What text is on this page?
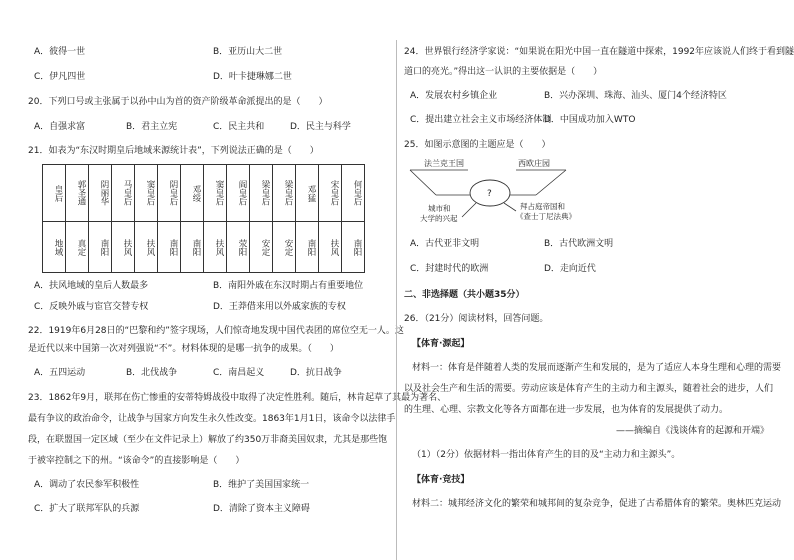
A．彼得一世	B．亚历山大二世
C．伊凡四世	D．叶卡捷琳娜二世
20．下列口号或主张属于以孙中山为首的资产阶级革命派提出的是（　　）
A．自强求富	B．君主立宪	C．民主共和	D．民主与科学
21．如表为“东汉时期皇后地域来源统计表”，下列说法正确的是（　　）
皇后	郭圣通	阴丽华	马皇后	窦皇后	阴皇后	邓绥	窦皇后	阎皇后	梁皇后	梁皇后	邓猛	宋皇后	何皇后
地域	真定	南阳	扶风	扶风	南阳	南阳	扶风	荥阳	安定	安定	南阳	扶风	南阳
A．扶风地域的皇后人数最多	B．南阳外戚在东汉时期占有重要地位
C．反映外戚与宦官交替专权	D．王莽借来用以外戚家族的专权
22．1919年6月28日的“巴黎和约”签字现场，人们惊奇地发现中国代表团的席位空无一人。这
是近代以来中国第一次对列强说“不”。材料体现的是哪一抗争的成果。（　　）
A．五四运动	B．北伐战争	C．南昌起义	D．抗日战争
23．1862年9月，联邦在伤亡惨重的安蒂特姆战役中取得了决定性胜利。随后，林肯起草了其最为著名、
最有争议的政治命令，让战争与国家方向发生永久性改变。1863年1月1日，该命令以法律手
段，在联盟国一定区域（至少在文件记录上）解放了约350万非裔美国奴隶，尤其是那些饱
于被宰控制之下的州。“该命令”的直接影响是（　　）
A．调动了农民参军积极性	B．维护了美国国家统一
C．扩大了联邦军队的兵源	D．清除了资本主义障碍
24．世界银行经济学家说：“如果说在阳光中国一直在隧道中探索，1992年应该说人们终于看到隧
道口的亮光。”得出这一认识的主要依据是（　　）
A．发展农村乡镇企业	B．兴办深圳、珠海、汕头、厦门4个经济特区
C．提出建立社会主义市场经济体制
D．中国成功加入WTO
25．如图示意图的主题应是（　　）
法兰克王国	西欧庄园
?
城市和
大学的兴起
拜占庭帝国和
《查士丁尼法典》
A．古代亚非文明	B．古代欧洲文明
C．封建时代的欧洲	D．走向近代
二、非选择题（共小题35分）
26．（21分）阅读材料，回答问题。
【体育·源起】
材料一：体育是伴随着人类的发展而逐渐产生和发展的，是为了适应人本身生理和心理的需要
以及社会生产和生活的需要。劳动应该是体育产生的主动力和主源头，随着社会的进步，人们
的生理、心理、宗教文化等各方面都在进一步发展，也为体育的发展提供了动力。
——摘编自《浅谈体育的起源和开端》
（1）（2分）依据材料一指出体育产生的目的及“主动力和主源头”。
【体育·竞技】
材料二：城邦经济文化的繁荣和城邦间的复杂竞争，促进了古希腊体育的繁荣。奥林匹克运动
